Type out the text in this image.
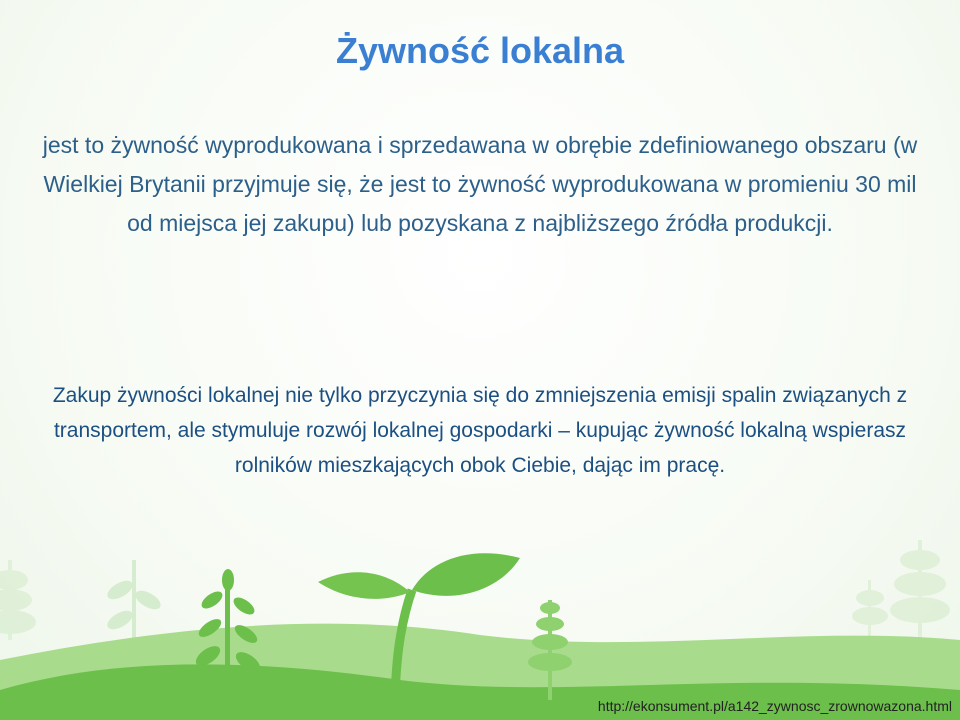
Żywność lokalna

jest to żywność wyprodukowana i sprzedawana w obrębie zdefiniowanego obszaru (w Wielkiej Brytanii przyjmuje się, że jest to żywność wyprodukowana w promieniu 30 mil od miejsca jej zakupu) lub pozyskana z najbliższego źródła produkcji.

Zakup żywności lokalnej nie tylko przyczynia się do zmniejszenia emisji spalin związanych z transportem, ale stymuluje rozwój lokalnej gospodarki – kupując żywność lokalną wspierasz rolników mieszkających obok Ciebie, dając im pracę.

http://ekonsument.pl/a142_zywnosc_zrownowazona.html
